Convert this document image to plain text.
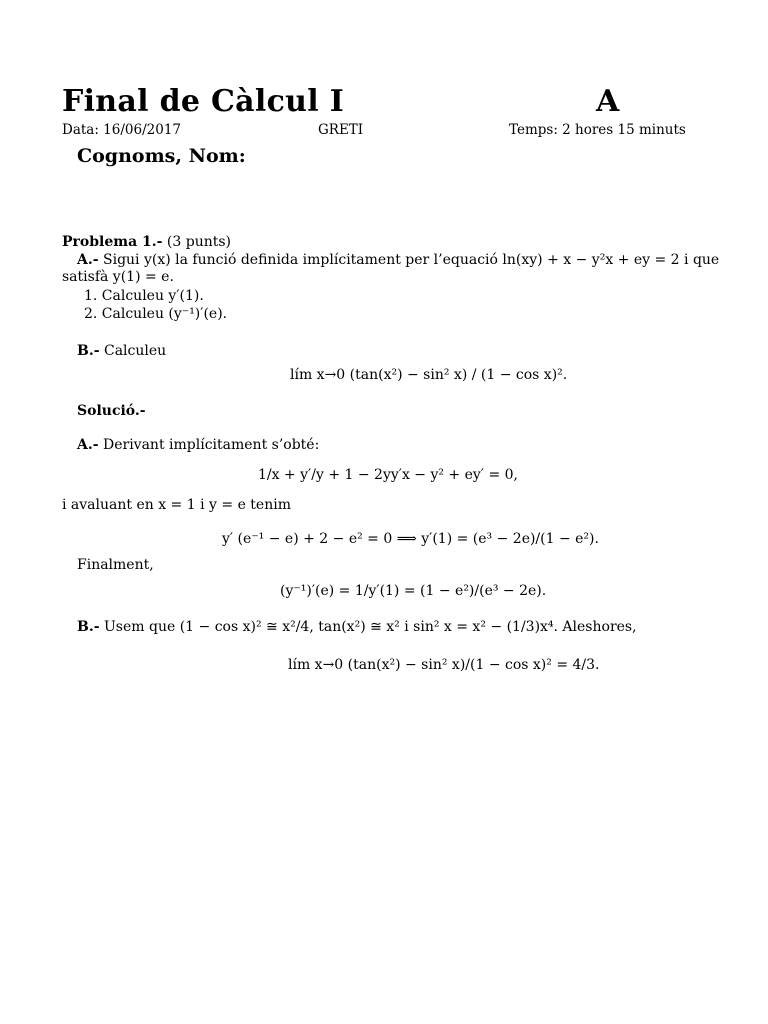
Final de Càlcul I	A
Data: 16/06/2017	GRETI	Temps: 2 hores 15 minuts
Cognoms, Nom:
Problema 1.- (3 punts)
A.- Sigui y(x) la funció definida implícitament per l’equació ln(xy) + x − y²x + ey = 2 i que
satisfà y(1) = e.
1. Calculeu y′(1).
2. Calculeu (y⁻¹)′(e).
B.- Calculeu
lím x→0 (tan(x²) − sin² x) / (1 − cos x)².
Solució.-
A.- Derivant implícitament s’obté:
1/x + y′/y + 1 − 2yy′x − y² + ey′ = 0,
i avaluant en x = 1 i y = e tenim
y′ (e⁻¹ − e) + 2 − e² = 0 ⟹ y′(1) = (e³ − 2e)/(1 − e²).
Finalment,
(y⁻¹)′(e) = 1/y′(1) = (1 − e²)/(e³ − 2e).
B.- Usem que (1 − cos x)² ≅ x²/4, tan(x²) ≅ x² i sin² x = x² − (1/3)x⁴. Aleshores,
lím x→0 (tan(x²) − sin² x)/(1 − cos x)² = 4/3.
